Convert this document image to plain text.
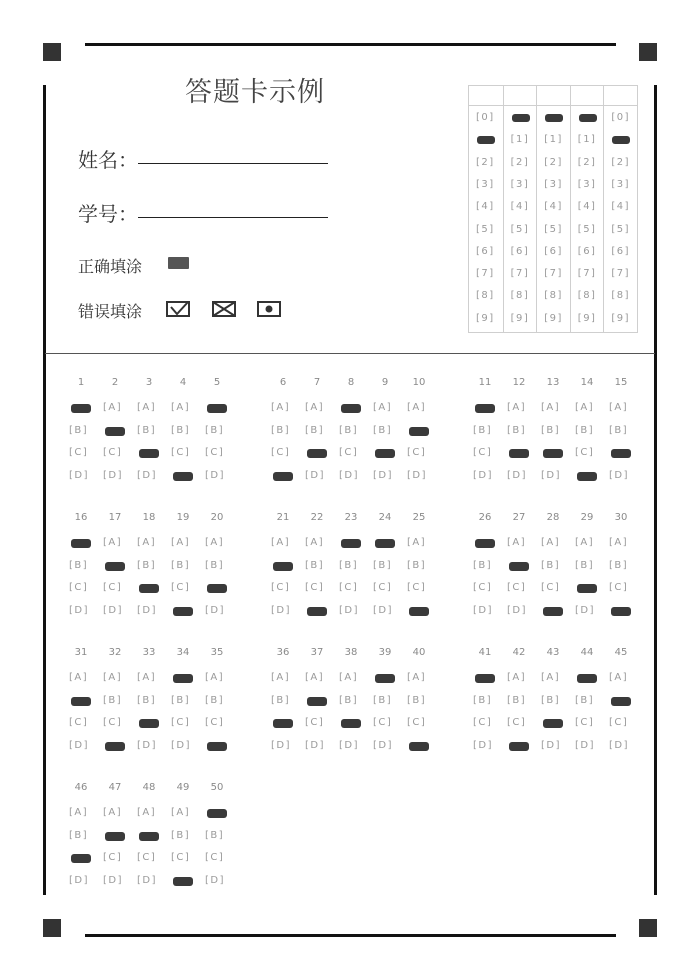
答题卡示例
姓名：
学号：
正确填涂
错误填涂
[0]
[2]
[3]
[4]
[5]
[6]
[7]
[8]
[9]
[1]
[2]
[3]
[4]
[5]
[6]
[7]
[8]
[9]
[1]
[2]
[3]
[4]
[5]
[6]
[7]
[8]
[9]
[1]
[2]
[3]
[4]
[5]
[6]
[7]
[8]
[9]
[0]
[2]
[3]
[4]
[5]
[6]
[7]
[8]
[9]
1
[B]
[C]
[D]
2
[A]
[C]
[D]
3
[A]
[B]
[D]
4
[A]
[B]
[C]
5
[B]
[C]
[D]
6
[A]
[B]
[C]
7
[A]
[B]
[D]
8
[B]
[C]
[D]
9
[A]
[B]
[D]
10
[A]
[C]
[D]
11
[B]
[C]
[D]
12
[A]
[B]
[D]
13
[A]
[B]
[D]
14
[A]
[B]
[C]
15
[A]
[B]
[D]
16
[B]
[C]
[D]
17
[A]
[C]
[D]
18
[A]
[B]
[D]
19
[A]
[B]
[C]
20
[A]
[B]
[D]
21
[A]
[C]
[D]
22
[A]
[B]
[C]
23
[B]
[C]
[D]
24
[B]
[C]
[D]
25
[A]
[B]
[C]
26
[B]
[C]
[D]
27
[A]
[C]
[D]
28
[A]
[B]
[C]
29
[A]
[B]
[D]
30
[A]
[B]
[C]
31
[A]
[C]
[D]
32
[A]
[B]
[C]
33
[A]
[B]
[D]
34
[B]
[C]
[D]
35
[A]
[B]
[C]
36
[A]
[B]
[D]
37
[A]
[C]
[D]
38
[A]
[B]
[D]
39
[B]
[C]
[D]
40
[A]
[B]
[C]
41
[B]
[C]
[D]
42
[A]
[B]
[C]
43
[A]
[B]
[D]
44
[B]
[C]
[D]
45
[A]
[C]
[D]
46
[A]
[B]
[D]
47
[A]
[C]
[D]
48
[A]
[C]
[D]
49
[A]
[B]
[C]
50
[B]
[C]
[D]
